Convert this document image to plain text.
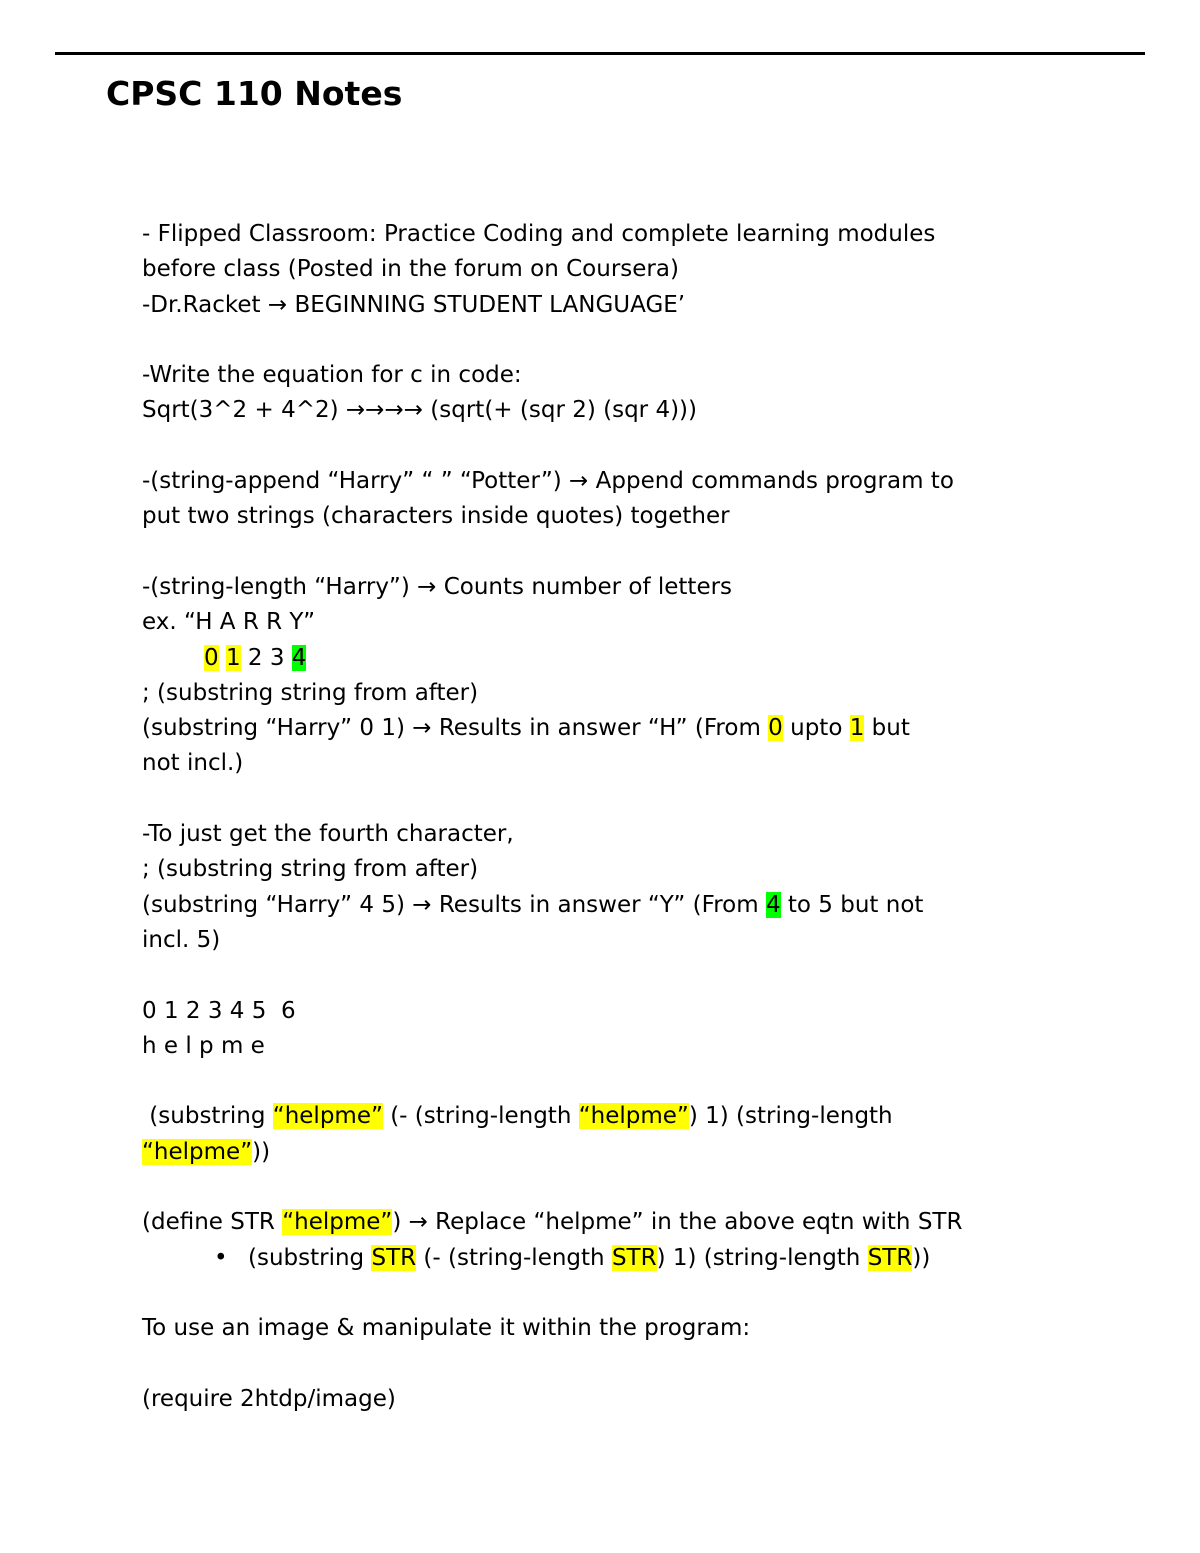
CPSC 110 Notes
- Flipped Classroom: Practice Coding and complete learning modules
before class (Posted in the forum on Coursera)
-Dr.Racket → BEGINNING STUDENT LANGUAGE’
-Write the equation for c in code:
Sqrt(3^2 + 4^2) →→→→ (sqrt(+ (sqr 2) (sqr 4)))
-(string-append “Harry” “ ” “Potter”) → Append commands program to
put two strings (characters inside quotes) together
-(string-length “Harry”) → Counts number of letters
ex. “H A R R Y”
0 1 2 3 4
; (substring string from after)
(substring “Harry” 0 1) → Results in answer “H” (From 0 upto 1 but
not incl.)
-To just get the fourth character,
; (substring string from after)
(substring “Harry” 4 5) → Results in answer “Y” (From 4 to 5 but not
incl. 5)
0 1 2 3 4 5  6
h e l p m e
(substring “helpme” (- (string-length “helpme”) 1) (string-length
“helpme”))
(define STR “helpme”) → Replace “helpme” in the above eqtn with STR
• (substring STR (- (string-length STR) 1) (string-length STR))
To use an image & manipulate it within the program:
(require 2htdp/image)
